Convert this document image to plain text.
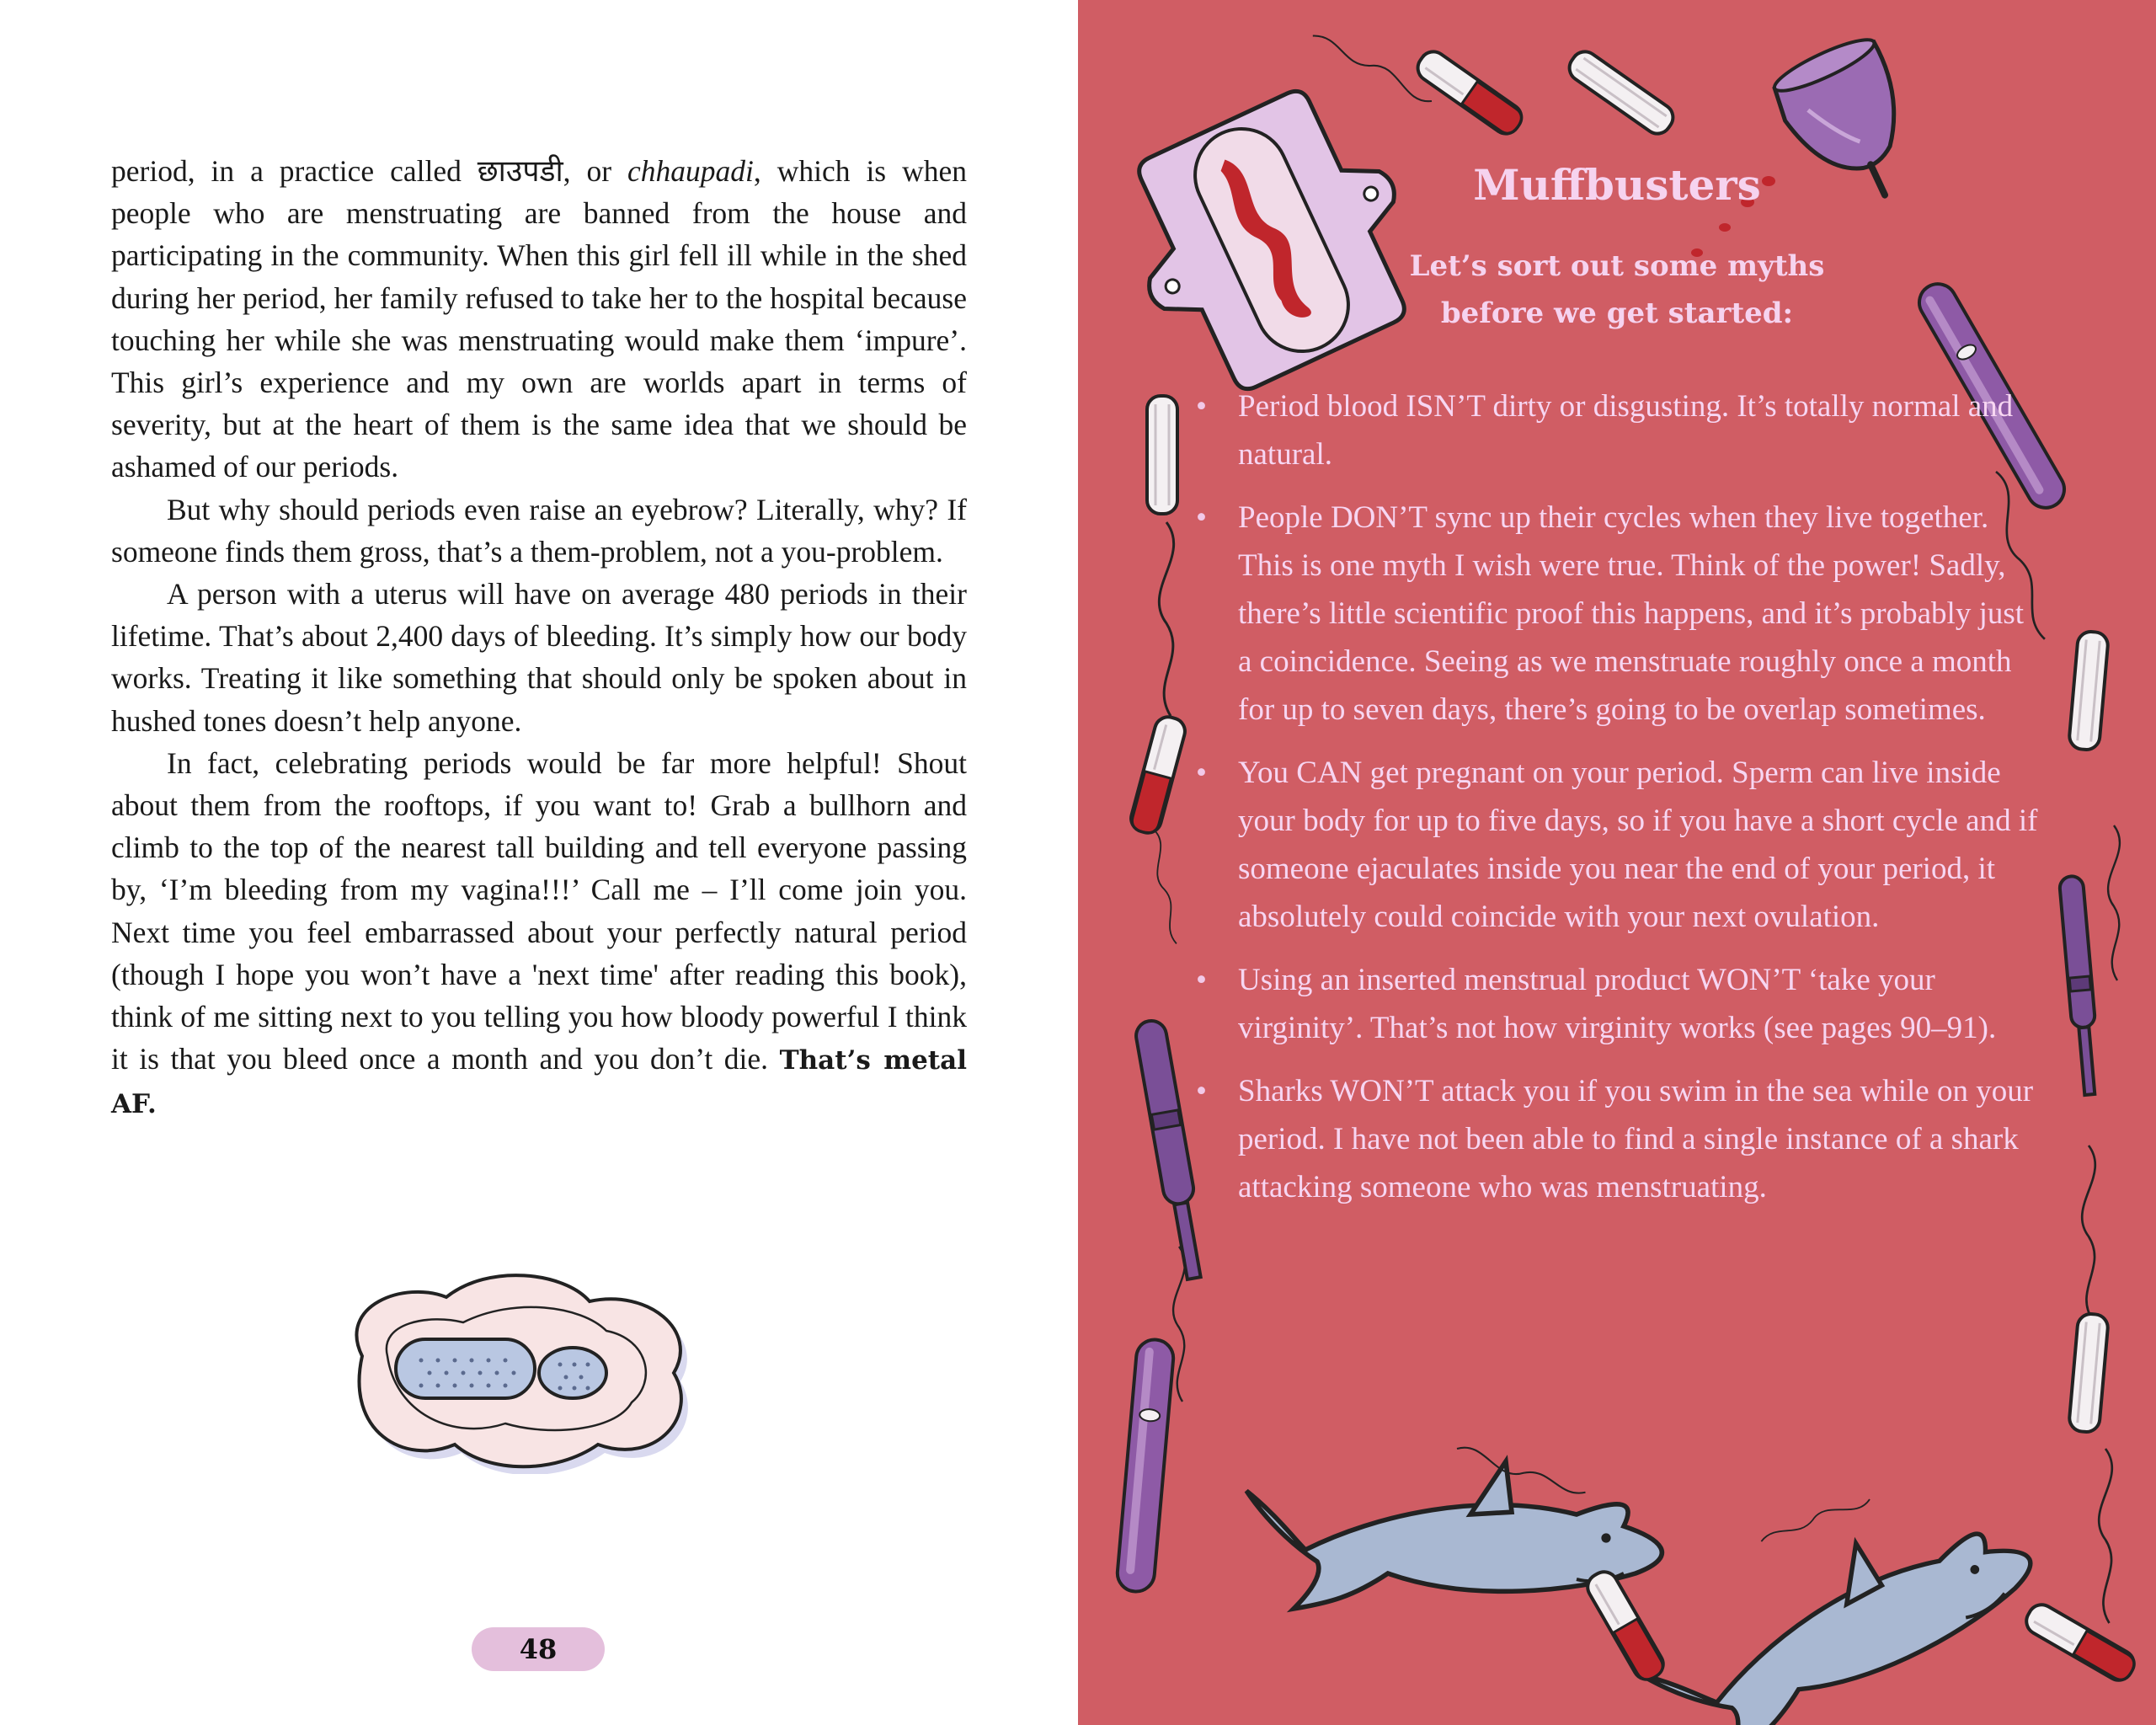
period, in a practice called छाउपडी, or chhaupadi, which is when people who are menstruating are banned from the house and participating in the community. When this girl fell ill while in the shed during her period, her family refused to take her to the hospital because touching her while she was menstruating would make them ‘impure’. This girl’s experience and my own are worlds apart in terms of severity, but at the heart of them is the same idea that we should be ashamed of our periods.

But why should periods even raise an eyebrow? Literally, why? If someone finds them gross, that’s a them-problem, not a you-problem.

A person with a uterus will have on average 480 periods in their lifetime. That’s about 2,400 days of bleeding. It’s simply how our body works. Treating it like something that should only be spoken about in hushed tones doesn’t help anyone.

In fact, celebrating periods would be far more helpful! Shout about them from the rooftops, if you want to! Grab a bullhorn and climb to the top of the nearest tall building and tell everyone passing by, ‘I’m bleeding from my vagina!!!’ Call me – I’ll come join you. Next time you feel embarrassed about your perfectly natural period (though I hope you won’t have a 'next time' after reading this book), think of me sitting next to you telling you how bloody powerful I think it is that you bleed once a month and you don’t die. That’s metal AF.

48
Muffbusters
Let’s sort out some myths
before we get started:
• Period blood ISN’T dirty or disgusting. It’s totally normal and natural.
• People DON’T sync up their cycles when they live together. This is one myth I wish were true. Think of the power! Sadly, there’s little scientific proof this happens, and it’s probably just a coincidence. Seeing as we menstruate roughly once a month for up to seven days, there’s going to be overlap sometimes.
• You CAN get pregnant on your period. Sperm can live inside your body for up to five days, so if you have a short cycle and if someone ejaculates inside you near the end of your period, it absolutely could coincide with your next ovulation.
• Using an inserted menstrual product WON’T ‘take your virginity’. That’s not how virginity works (see pages 90–91).
• Sharks WON’T attack you if you swim in the sea while on your period. I have not been able to find a single instance of a shark attacking someone who was menstruating.
